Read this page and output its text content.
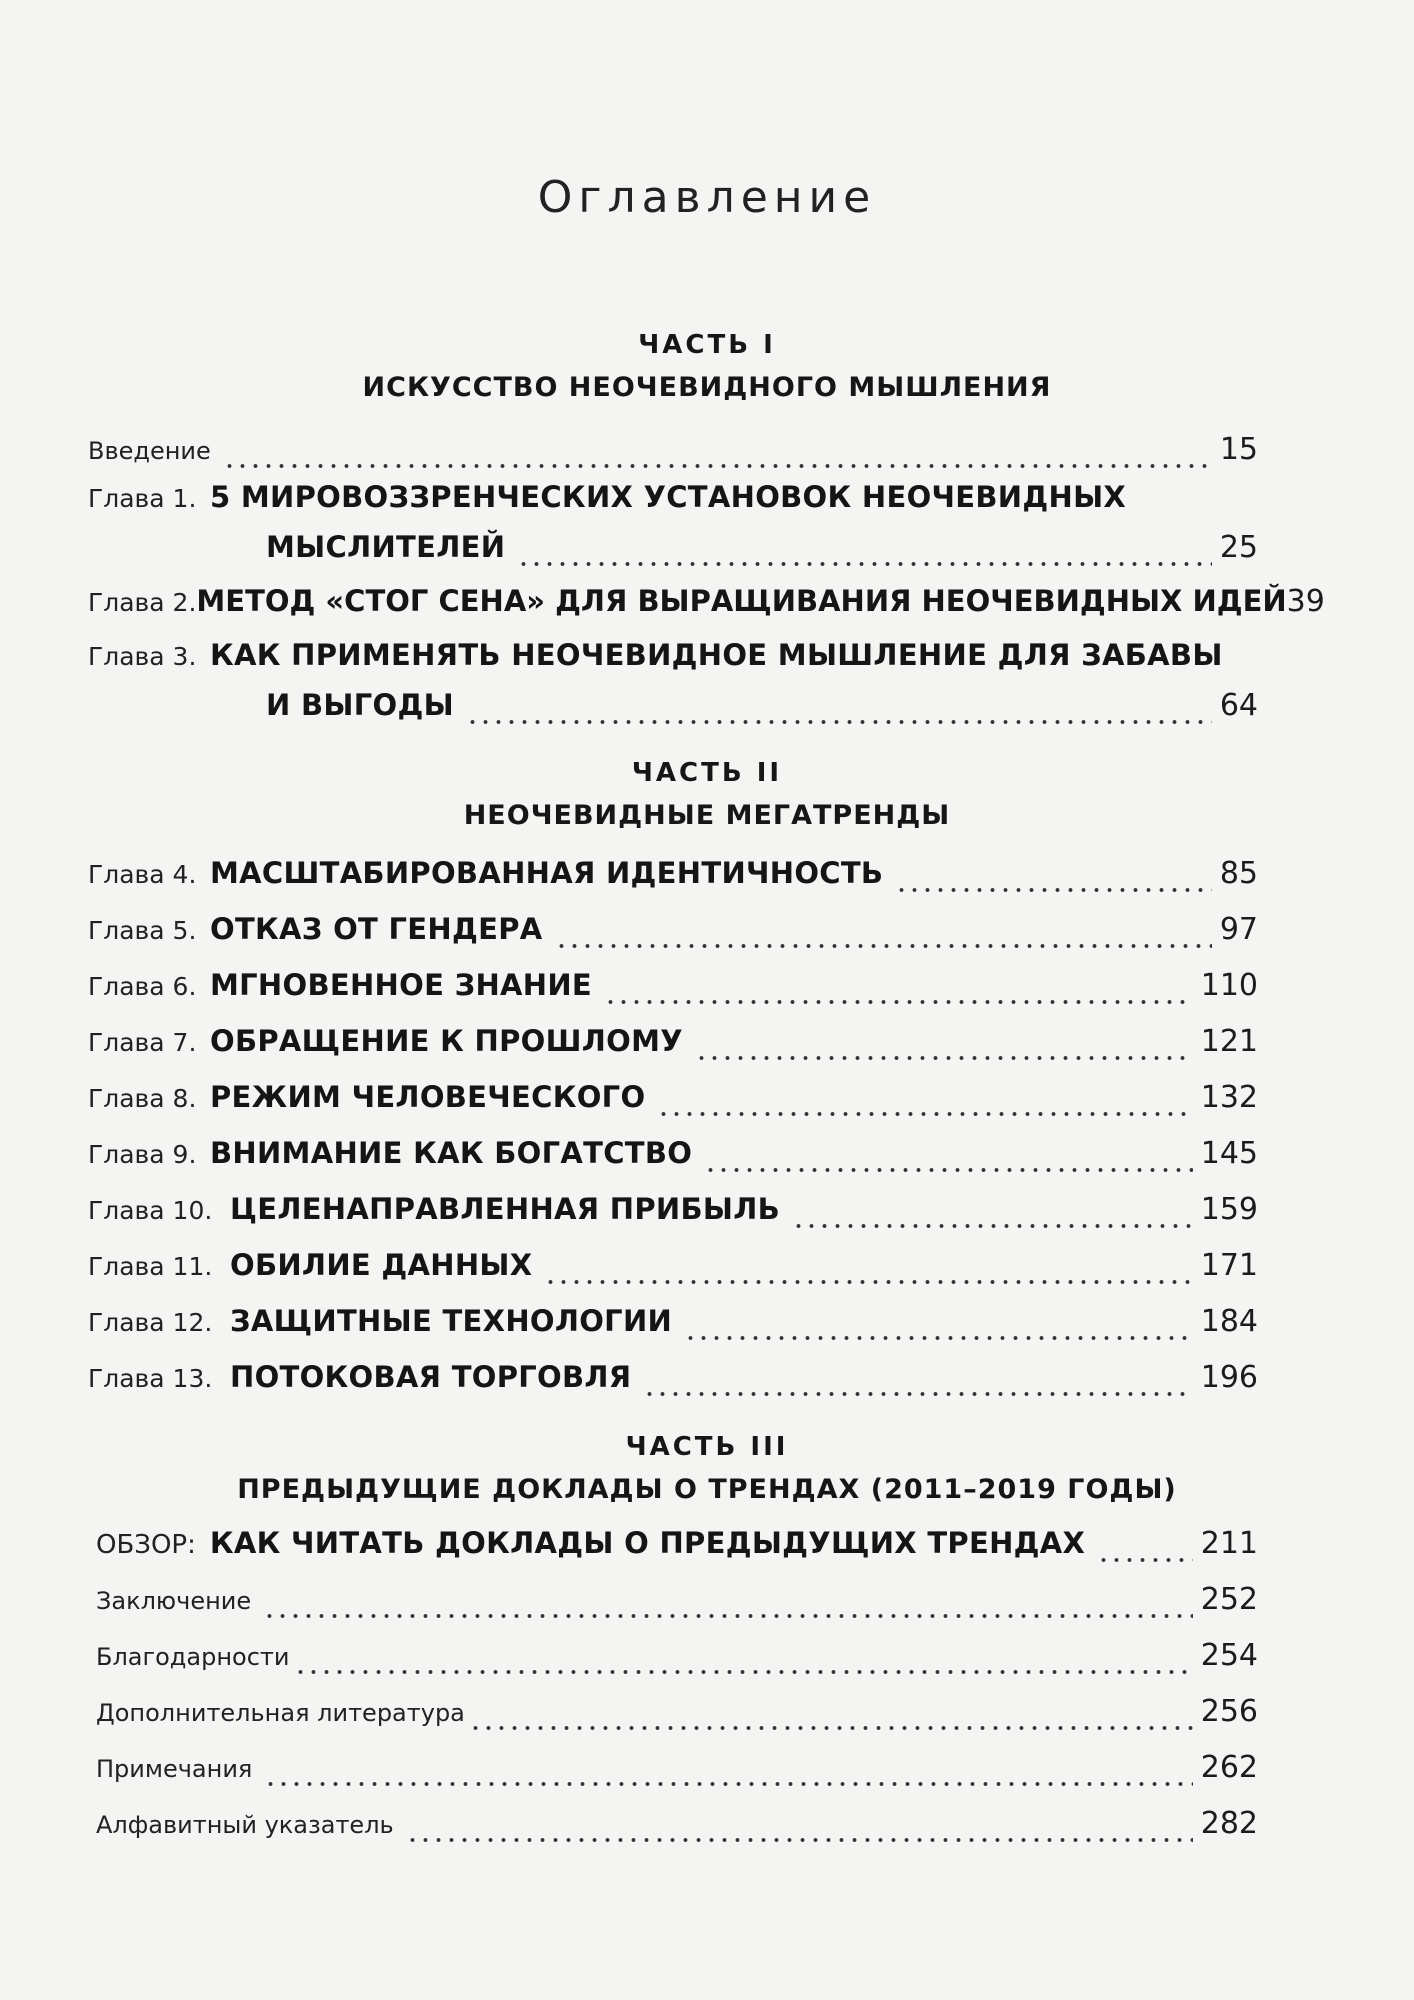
Оглавление
ЧАСТЬ I
ИСКУССТВО НЕОЧЕВИДНОГО МЫШЛЕНИЯ
Введение	15
Глава 1. 5 МИРОВОЗЗРЕНЧЕСКИХ УСТАНОВОК НЕОЧЕВИДНЫХ
МЫСЛИТЕЛЕЙ	25
Глава 2. МЕТОД «СТОГ СЕНА» ДЛЯ ВЫРАЩИВАНИЯ НЕОЧЕВИДНЫХ ИДЕЙ 39
Глава 3. КАК ПРИМЕНЯТЬ НЕОЧЕВИДНОЕ МЫШЛЕНИЕ ДЛЯ ЗАБАВЫ
И ВЫГОДЫ	64
ЧАСТЬ II
НЕОЧЕВИДНЫЕ МЕГАТРЕНДЫ
Глава 4. МАСШТАБИРОВАННАЯ ИДЕНТИЧНОСТЬ	85
Глава 5. ОТКАЗ ОТ ГЕНДЕРА	97
Глава 6. МГНОВЕННОЕ ЗНАНИЕ	110
Глава 7. ОБРАЩЕНИЕ К ПРОШЛОМУ	121
Глава 8. РЕЖИМ ЧЕЛОВЕЧЕСКОГО	132
Глава 9. ВНИМАНИЕ КАК БОГАТСТВО	145
Глава 10. ЦЕЛЕНАПРАВЛЕННАЯ ПРИБЫЛЬ	159
Глава 11. ОБИЛИЕ ДАННЫХ	171
Глава 12. ЗАЩИТНЫЕ ТЕХНОЛОГИИ	184
Глава 13. ПОТОКОВАЯ ТОРГОВЛЯ	196
ЧАСТЬ III
ПРЕДЫДУЩИЕ ДОКЛАДЫ О ТРЕНДАХ (2011–2019 ГОДЫ)
ОБЗОР: КАК ЧИТАТЬ ДОКЛАДЫ О ПРЕДЫДУЩИХ ТРЕНДАХ	211
Заключение	252
Благодарности	254
Дополнительная литература	256
Примечания	262
Алфавитный указатель	282
